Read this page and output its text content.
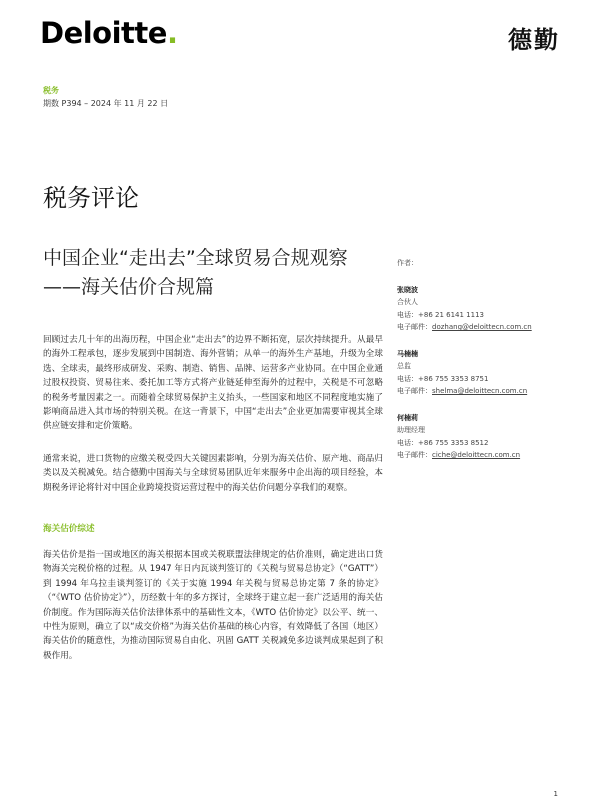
Deloitte.	德勤
税务
期数 P394 – 2024 年 11 月 22 日
税务评论
中国企业“走出去”全球贸易合规观察——海关估价合规篇
回顾过去几十年的出海历程，中国企业“走出去”的边界不断拓宽，层次持续提升。从最早的海外工程承包，逐步发展到中国制造、海外营销；从单一的海外生产基地，升级为全球选、全球卖，最终形成研发、采购、制造、销售、品牌、运营多产业协同。在中国企业通过股权投资、贸易往来、委托加工等方式将产业链延伸至海外的过程中，关税是不可忽略的税务考量因素之一。而随着全球贸易保护主义抬头，一些国家和地区不同程度地实施了影响商品进入其市场的特别关税。在这一背景下，中国“走出去”企业更加需要审视其全球供应链安排和定价策略。
通常来说，进口货物的应缴关税受四大关键因素影响，分别为海关估价、原产地、商品归类以及关税减免。结合德勤中国海关与全球贸易团队近年来服务中企出海的项目经验，本期税务评论将针对中国企业跨境投资运营过程中的海关估价问题分享我们的观察。
海关估价综述
海关估价是指一国或地区的海关根据本国或关税联盟法律规定的估价准则，确定进出口货物海关完税价格的过程。从 1947 年日内瓦谈判签订的《关税与贸易总协定》（“GATT”）到 1994 年乌拉圭谈判签订的《关于实施 1994 年关税与贸易总协定第 7 条的协定》（“《WTO 估价协定》”），历经数十年的多方探讨，全球终于建立起一套广泛适用的海关估价制度。作为国际海关估价法律体系中的基础性文本，《WTO 估价协定》以公平、统一、中性为原则，确立了以“成交价格”为海关估价基础的核心内容，有效降低了各国（地区）海关估价的随意性，为推动国际贸易自由化、巩固 GATT 关税减免多边谈判成果起到了积极作用。
作者：
张晓波
合伙人
电话：+86 21 6141 1113
电子邮件：dozhang@deloittecn.com.cn
马楠楠
总监
电话：+86 755 3353 8751
电子邮件：shelma@deloittecn.com.cn
何楠莉
助理经理
电话：+86 755 3353 8512
电子邮件：ciche@deloittecn.com.cn
1
